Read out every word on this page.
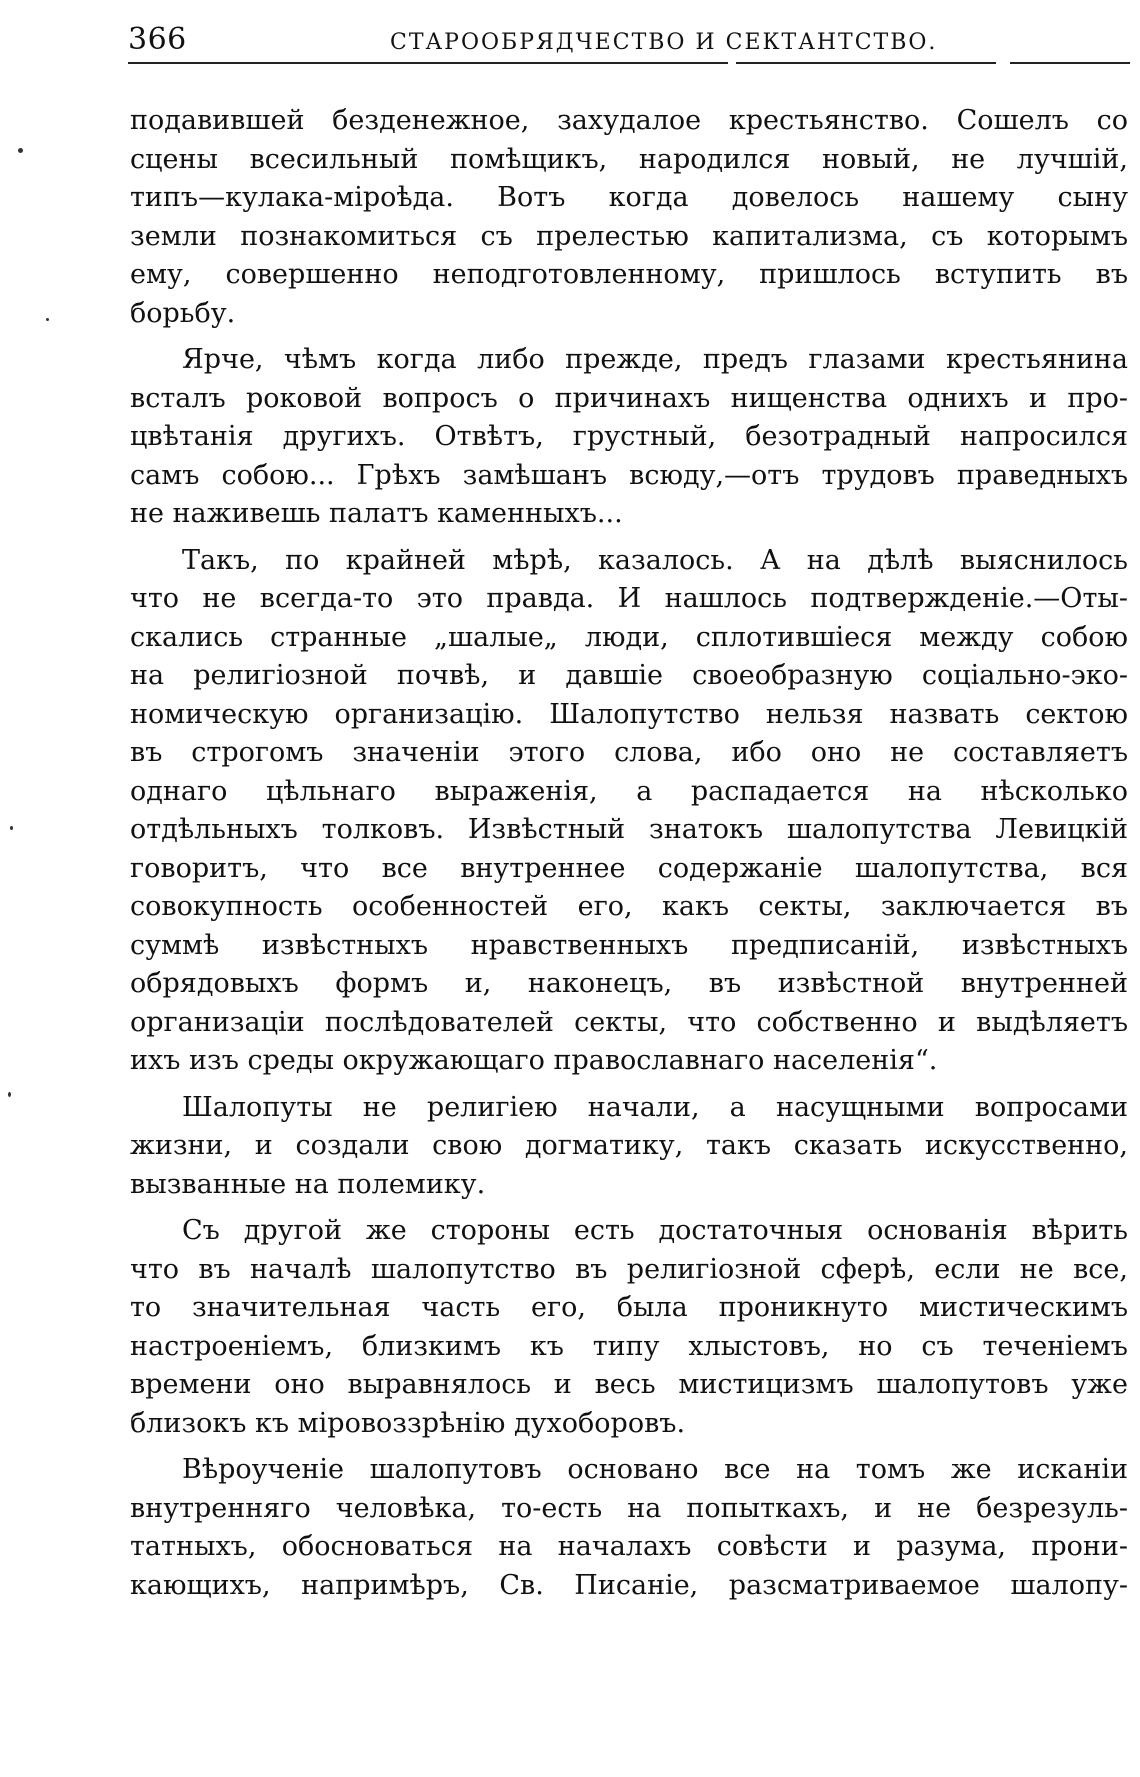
366	СТАРООБРЯДЧЕСТВО И СЕКТАНТСТВО.
подавившей безденежное, захудалое крестьянство. Сошелъ со
сцены всесильный помѣщикъ, народился новый, не лучшій,
типъ—кулака-міроѣда. Вотъ когда довелось нашему сыну
земли познакомиться съ прелестью капитализма, съ которымъ
ему, совершенно неподготовленному, пришлось вступить въ
борьбу.
Ярче, чѣмъ когда либо прежде, предъ глазами крестьянина
всталъ роковой вопросъ о причинахъ нищенства однихъ и про-
цвѣтанія другихъ. Отвѣтъ, грустный, безотрадный напросился
самъ собою... Грѣхъ замѣшанъ всюду,—отъ трудовъ праведныхъ
не наживешь палатъ каменныхъ...
Такъ, по крайней мѣрѣ, казалось. А на дѣлѣ выяснилось
что не всегда-то это правда. И нашлось подтвержденіе.—Оты-
скались странные „шалые„ люди, сплотившіеся между собою
на религіозной почвѣ, и давшіе своеобразную соціально-эко-
номическую организацію. Шалопутство нельзя назвать сектою
въ строгомъ значеніи этого слова, ибо оно не составляетъ
однаго цѣльнаго выраженія, а распадается на нѣсколько
отдѣльныхъ толковъ. Извѣстный знатокъ шалопутства Левицкій
говоритъ, что все внутреннее содержаніе шалопутства, вся
совокупность особенностей его, какъ секты, заключается въ
суммѣ извѣстныхъ нравственныхъ предписаній, извѣстныхъ
обрядовыхъ формъ и, наконецъ, въ извѣстной внутренней
организаціи послѣдователей секты, что собственно и выдѣляетъ
ихъ изъ среды окружающаго православнаго населенія“.
Шалопуты не религіею начали, а насущными вопросами
жизни, и создали свою догматику, такъ сказать искусственно,
вызванные на полемику.
Съ другой же стороны есть достаточныя основанія вѣрить
что въ началѣ шалопутство въ религіозной сферѣ, если не все,
то значительная часть его, была проникнуто мистическимъ
настроеніемъ, близкимъ къ типу хлыстовъ, но съ теченіемъ
времени оно выравнялось и весь мистицизмъ шалопутовъ уже
близокъ къ міровоззрѣнію духоборовъ.
Вѣроученіе шалопутовъ основано все на томъ же исканіи
внутренняго человѣка, то-есть на попыткахъ, и не безрезуль-
татныхъ, обосноваться на началахъ совѣсти и разума, прони-
кающихъ, напримѣръ, Св. Писаніе, разсматриваемое шалопу-
